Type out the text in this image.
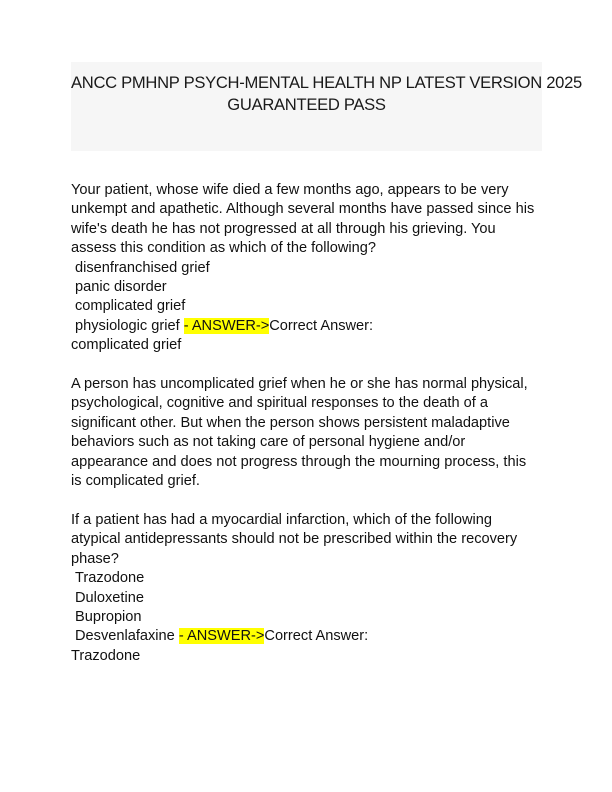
ANCC PMHNP PSYCH-MENTAL HEALTH NP LATEST VERSION 2025
GUARANTEED PASS
Your patient, whose wife died a few months ago, appears to be very
unkempt and apathetic. Although several months have passed since his
wife's death he has not progressed at all through his grieving. You
assess this condition as which of the following?
disenfranchised grief
panic disorder
complicated grief
physiologic grief - ANSWER->Correct Answer:
complicated grief
A person has uncomplicated grief when he or she has normal physical,
psychological, cognitive and spiritual responses to the death of a
significant other. But when the person shows persistent maladaptive
behaviors such as not taking care of personal hygiene and/or
appearance and does not progress through the mourning process, this
is complicated grief.
If a patient has had a myocardial infarction, which of the following
atypical antidepressants should not be prescribed within the recovery
phase?
Trazodone
Duloxetine
Bupropion
Desvenlafaxine - ANSWER->Correct Answer:
Trazodone
